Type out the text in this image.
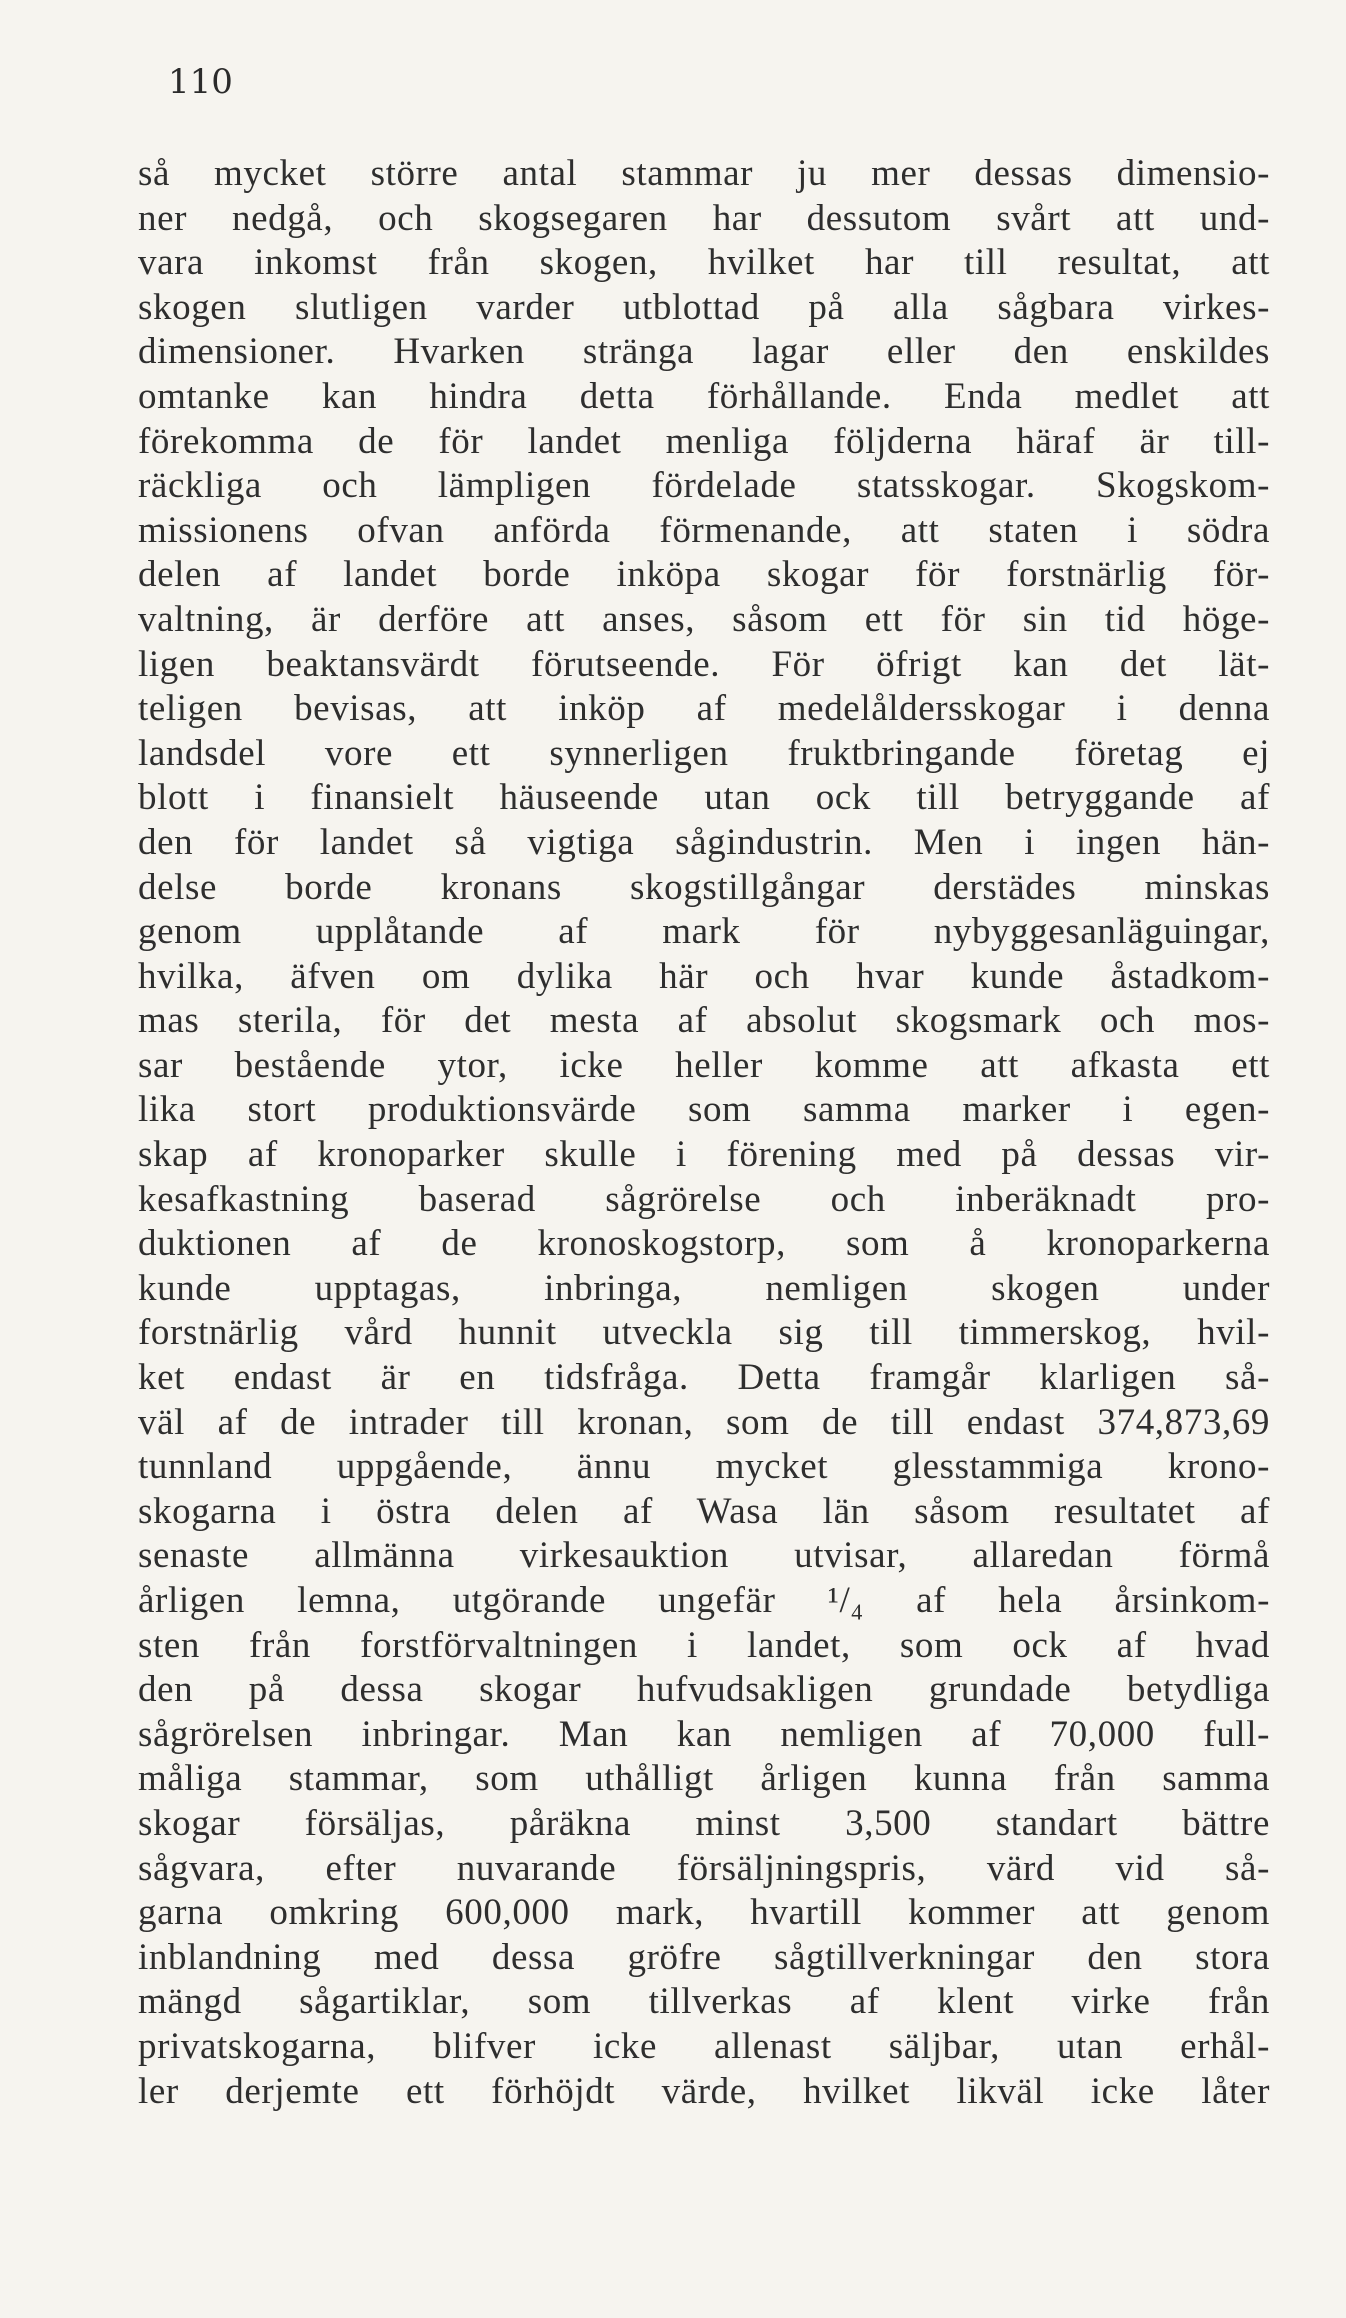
110
så mycket större antal stammar ju mer dessas dimensio-
ner nedgå, och skogsegaren har dessutom svårt att und-
vara inkomst från skogen, hvilket har till resultat, att
skogen slutligen varder utblottad på alla sågbara virkes-
dimensioner. Hvarken stränga lagar eller den enskildes
omtanke kan hindra detta förhållande. Enda medlet att
förekomma de för landet menliga följderna häraf är till-
räckliga och lämpligen fördelade statsskogar. Skogskom-
missionens ofvan anförda förmenande, att staten i södra
delen af landet borde inköpa skogar för forstnärlig för-
valtning, är derföre att anses, såsom ett för sin tid höge-
ligen beaktansvärdt förutseende. För öfrigt kan det lät-
teligen bevisas, att inköp af medelåldersskogar i denna
landsdel vore ett synnerligen fruktbringande företag ej
blott i finansielt häuseende utan ock till betryggande af
den för landet så vigtiga sågindustrin. Men i ingen hän-
delse borde kronans skogstillgångar derstädes minskas
genom upplåtande af mark för nybyggesanläguingar,
hvilka, äfven om dylika här och hvar kunde åstadkom-
mas sterila, för det mesta af absolut skogsmark och mos-
sar bestående ytor, icke heller komme att afkasta ett
lika stort produktionsvärde som samma marker i egen-
skap af kronoparker skulle i förening med på dessas vir-
kesafkastning baserad sågrörelse och inberäknadt pro-
duktionen af de kronoskogstorp, som å kronoparkerna
kunde upptagas, inbringa, nemligen skogen under
forstnärlig vård hunnit utveckla sig till timmerskog, hvil-
ket endast är en tidsfråga. Detta framgår klarligen så-
väl af de intrader till kronan, som de till endast 374,873,69
tunnland uppgående, ännu mycket glesstammiga krono-
skogarna i östra delen af Wasa län såsom resultatet af
senaste allmänna virkesauktion utvisar, allaredan förmå
årligen lemna, utgörande ungefär ¹/₄ af hela årsinkom-
sten från forstförvaltningen i landet, som ock af hvad
den på dessa skogar hufvudsakligen grundade betydliga
sågrörelsen inbringar. Man kan nemligen af 70,000 full-
måliga stammar, som uthålligt årligen kunna från samma
skogar försäljas, påräkna minst 3,500 standart bättre
sågvara, efter nuvarande försäljningspris, värd vid så-
garna omkring 600,000 mark, hvartill kommer att genom
inblandning med dessa gröfre sågtillverkningar den stora
mängd sågartiklar, som tillverkas af klent virke från
privatskogarna, blifver icke allenast säljbar, utan erhål-
ler derjemte ett förhöjdt värde, hvilket likväl icke låter
